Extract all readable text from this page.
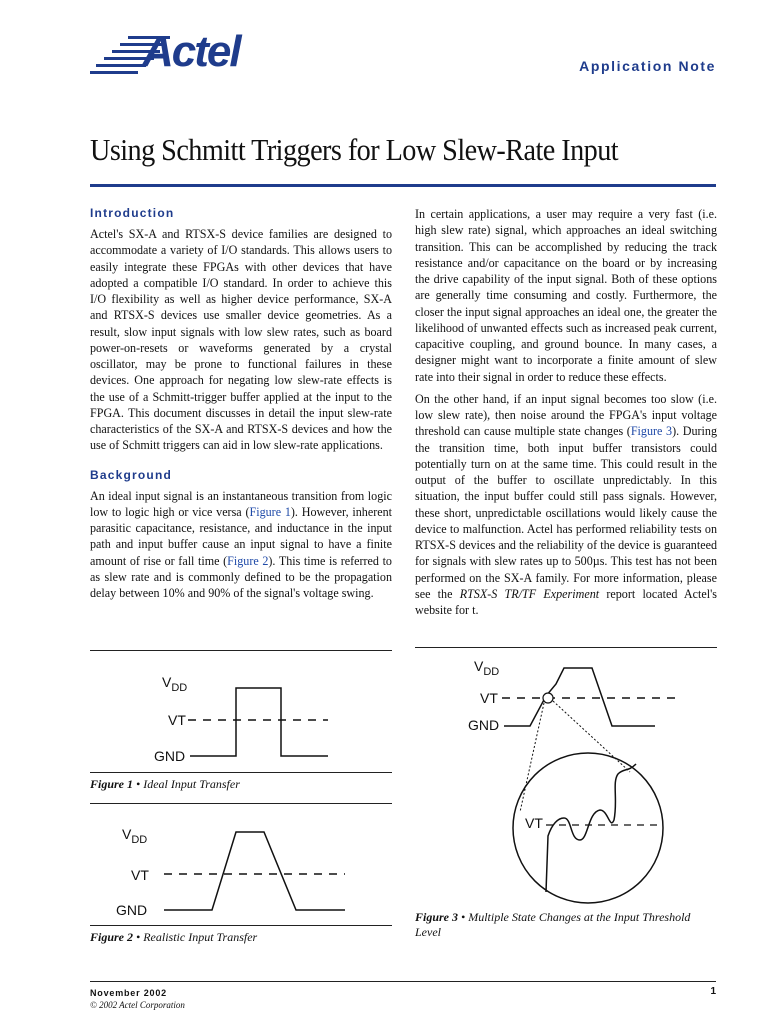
Actel	Application Note
Using Schmitt Triggers for Low Slew-Rate Input
Introduction

Actel's SX-A and RTSX-S device families are designed to accommodate a variety of I/O standards. This allows users to easily integrate these FPGAs with other devices that have adopted a compatible I/O standard. In order to achieve this I/O flexibility as well as higher device performance, SX-A and RTSX-S devices use smaller device geometries. As a result, slow input signals with low slew rates, such as board power-on-resets or waveforms generated by a crystal oscillator, may be prone to functional failures in these devices. One approach for negating low slew-rate effects is the use of a Schmitt-trigger buffer applied at the input to the FPGA. This document discusses in detail the input slew-rate characteristics of the SX-A and RTSX-S devices and how the use of Schmitt triggers can aid in low slew-rate applications.

Background

An ideal input signal is an instantaneous transition from logic low to logic high or vice versa (Figure 1). However, inherent parasitic capacitance, resistance, and inductance in the input path and input buffer cause an input signal to have a finite amount of rise or fall time (Figure 2). This time is referred to as slew rate and is commonly defined to be the propagation delay between 10% and 90% of the signal's voltage swing.

In certain applications, a user may require a very fast (i.e. high slew rate) signal, which approaches an ideal switching transition. This can be accomplished by reducing the track resistance and/or capacitance on the board or by increasing the drive capability of the input signal. Both of these options are generally time consuming and costly. Furthermore, the closer the input signal approaches an ideal one, the greater the likelihood of unwanted effects such as increased peak current, capacitive coupling, and ground bounce. In many cases, a designer might want to incorporate a finite amount of slew rate into their signal in order to reduce these effects.

On the other hand, if an input signal becomes too slow (i.e. low slew rate), then noise around the FPGA's input voltage threshold can cause multiple state changes (Figure 3). During the transition time, both input buffer transistors could potentially turn on at the same time. This could result in the output of the buffer to oscillate unpredictably. In this situation, the input buffer could still pass signals. However, these short, unpredictable oscillations would likely cause the device to malfunction. Actel has performed reliability tests on RTSX-S devices and the reliability of the device is guaranteed for signals with slew rates up to 500µs. This test has not been performed on the SX-A family. For more information, please see the RTSX-S TR/TF Experiment report located Actel's website for t.

$V_{DD}$
VT
GND
Figure 1 • Ideal Input Transfer
$V_{DD}$
VT
GND
Figure 2 • Realistic Input Transfer
$V_{DD}$
VT
GND
VT
Figure 3 • Multiple State Changes at the Input Threshold Level
November 2002
© 2002 Actel Corporation
1
